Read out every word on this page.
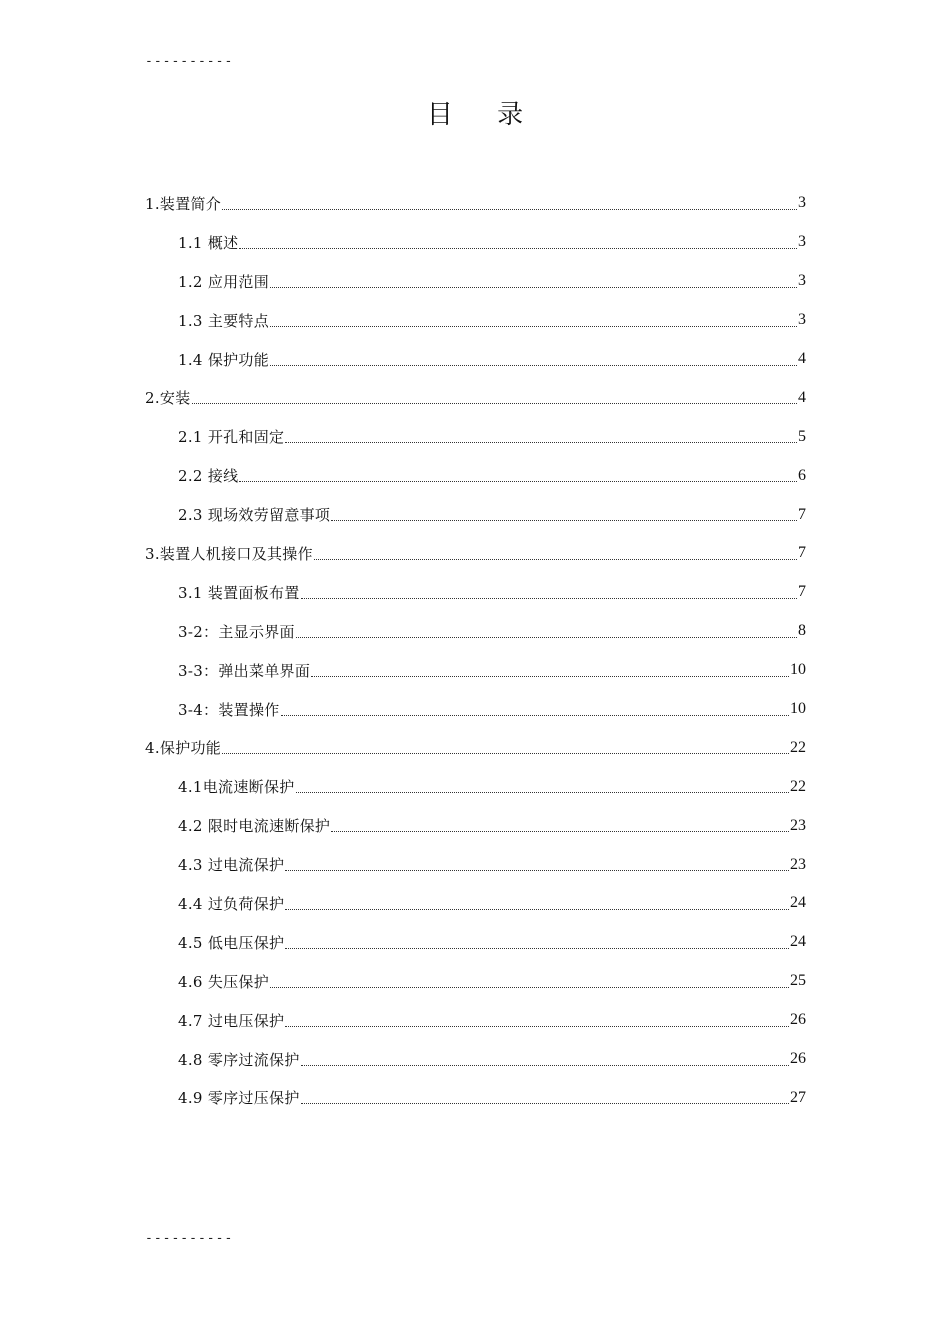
----------
目 录
1.装置简介	3
1.1 概述	3
1.2 应用范围	3
1.3 主要特点	3
1.4 保护功能	4
2.安装	4
2.1 开孔和固定	5
2.2 接线	6
2.3 现场效劳留意事项	7
3.装置人机接口及其操作	7
3.1 装置面板布置	7
3-2：主显示界面	8
3-3：弹出菜单界面	10
3-4：装置操作	10
4.保护功能	22
4.1电流速断保护	22
4.2 限时电流速断保护	23
4.3 过电流保护	23
4.4 过负荷保护	24
4.5 低电压保护	24
4.6 失压保护	25
4.7 过电压保护	26
4.8 零序过流保护	26
4.9 零序过压保护	27
----------
